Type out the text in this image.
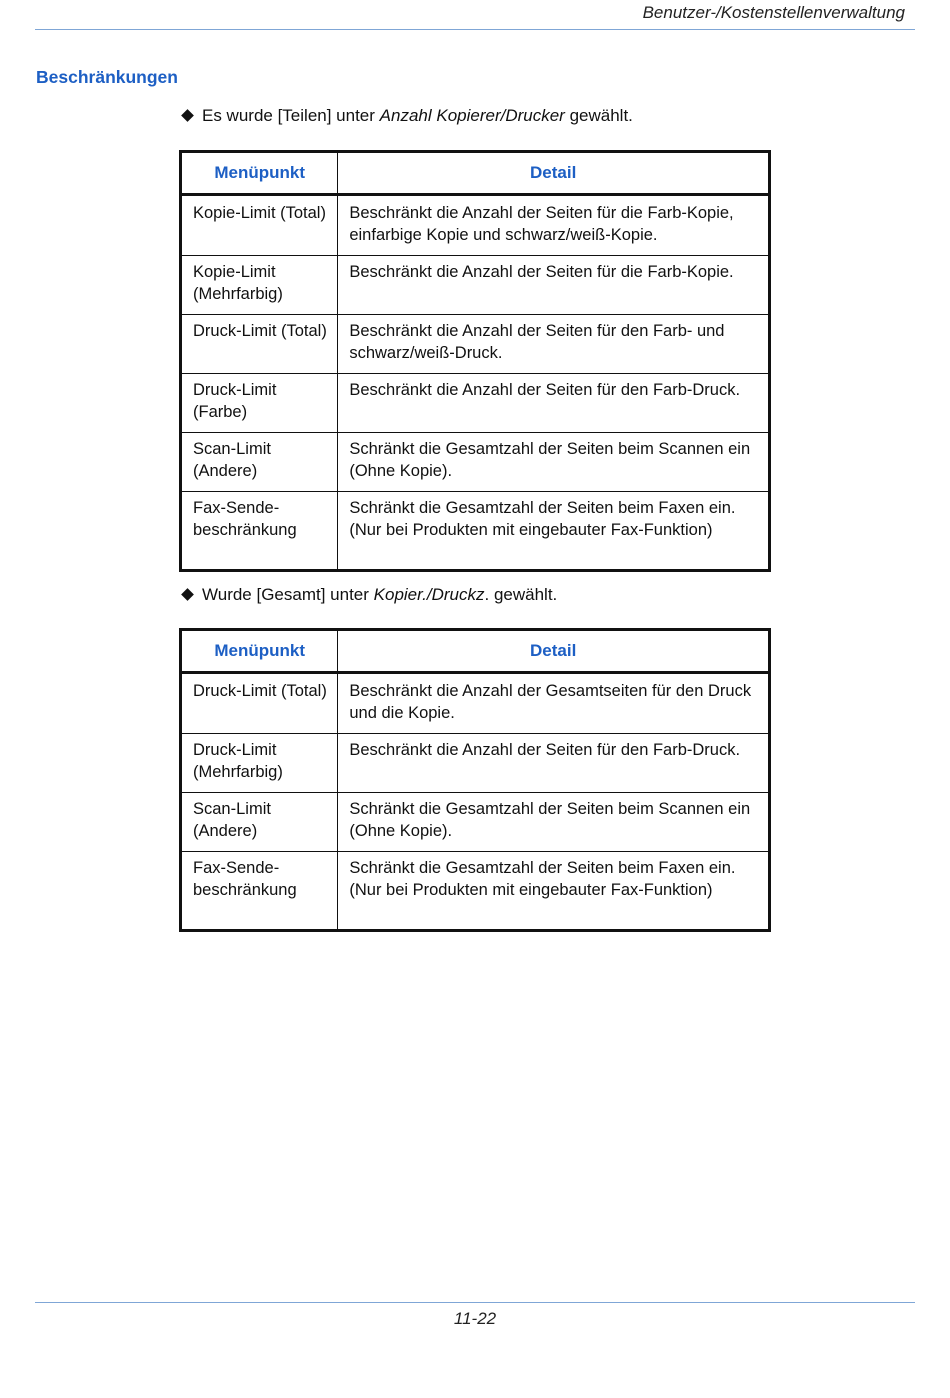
Benutzer-/Kostenstellenverwaltung
Beschränkungen
Es wurde [Teilen] unter Anzahl Kopierer/Drucker gewählt.
Menüpunkt	Detail
Kopie-Limit (Total)	Beschränkt die Anzahl der Seiten für die Farb-Kopie, einfarbige Kopie und schwarz/weiß-Kopie.
Kopie-Limit (Mehrfarbig)	Beschränkt die Anzahl der Seiten für die Farb-Kopie.
Druck-Limit (Total)	Beschränkt die Anzahl der Seiten für den Farb- und schwarz/weiß-Druck.
Druck-Limit (Farbe)	Beschränkt die Anzahl der Seiten für den Farb-Druck.
Scan-Limit (Andere)	Schränkt die Gesamtzahl der Seiten beim Scannen ein (Ohne Kopie).
Fax-Sende-beschränkung	Schränkt die Gesamtzahl der Seiten beim Faxen ein. (Nur bei Produkten mit eingebauter Fax-Funktion)
Wurde [Gesamt] unter Kopier./Druckz. gewählt.
Menüpunkt	Detail
Druck-Limit (Total)	Beschränkt die Anzahl der Gesamtseiten für den Druck und die Kopie.
Druck-Limit (Mehrfarbig)	Beschränkt die Anzahl der Seiten für den Farb-Druck.
Scan-Limit (Andere)	Schränkt die Gesamtzahl der Seiten beim Scannen ein (Ohne Kopie).
Fax-Sende-beschränkung	Schränkt die Gesamtzahl der Seiten beim Faxen ein. (Nur bei Produkten mit eingebauter Fax-Funktion)
11-22
